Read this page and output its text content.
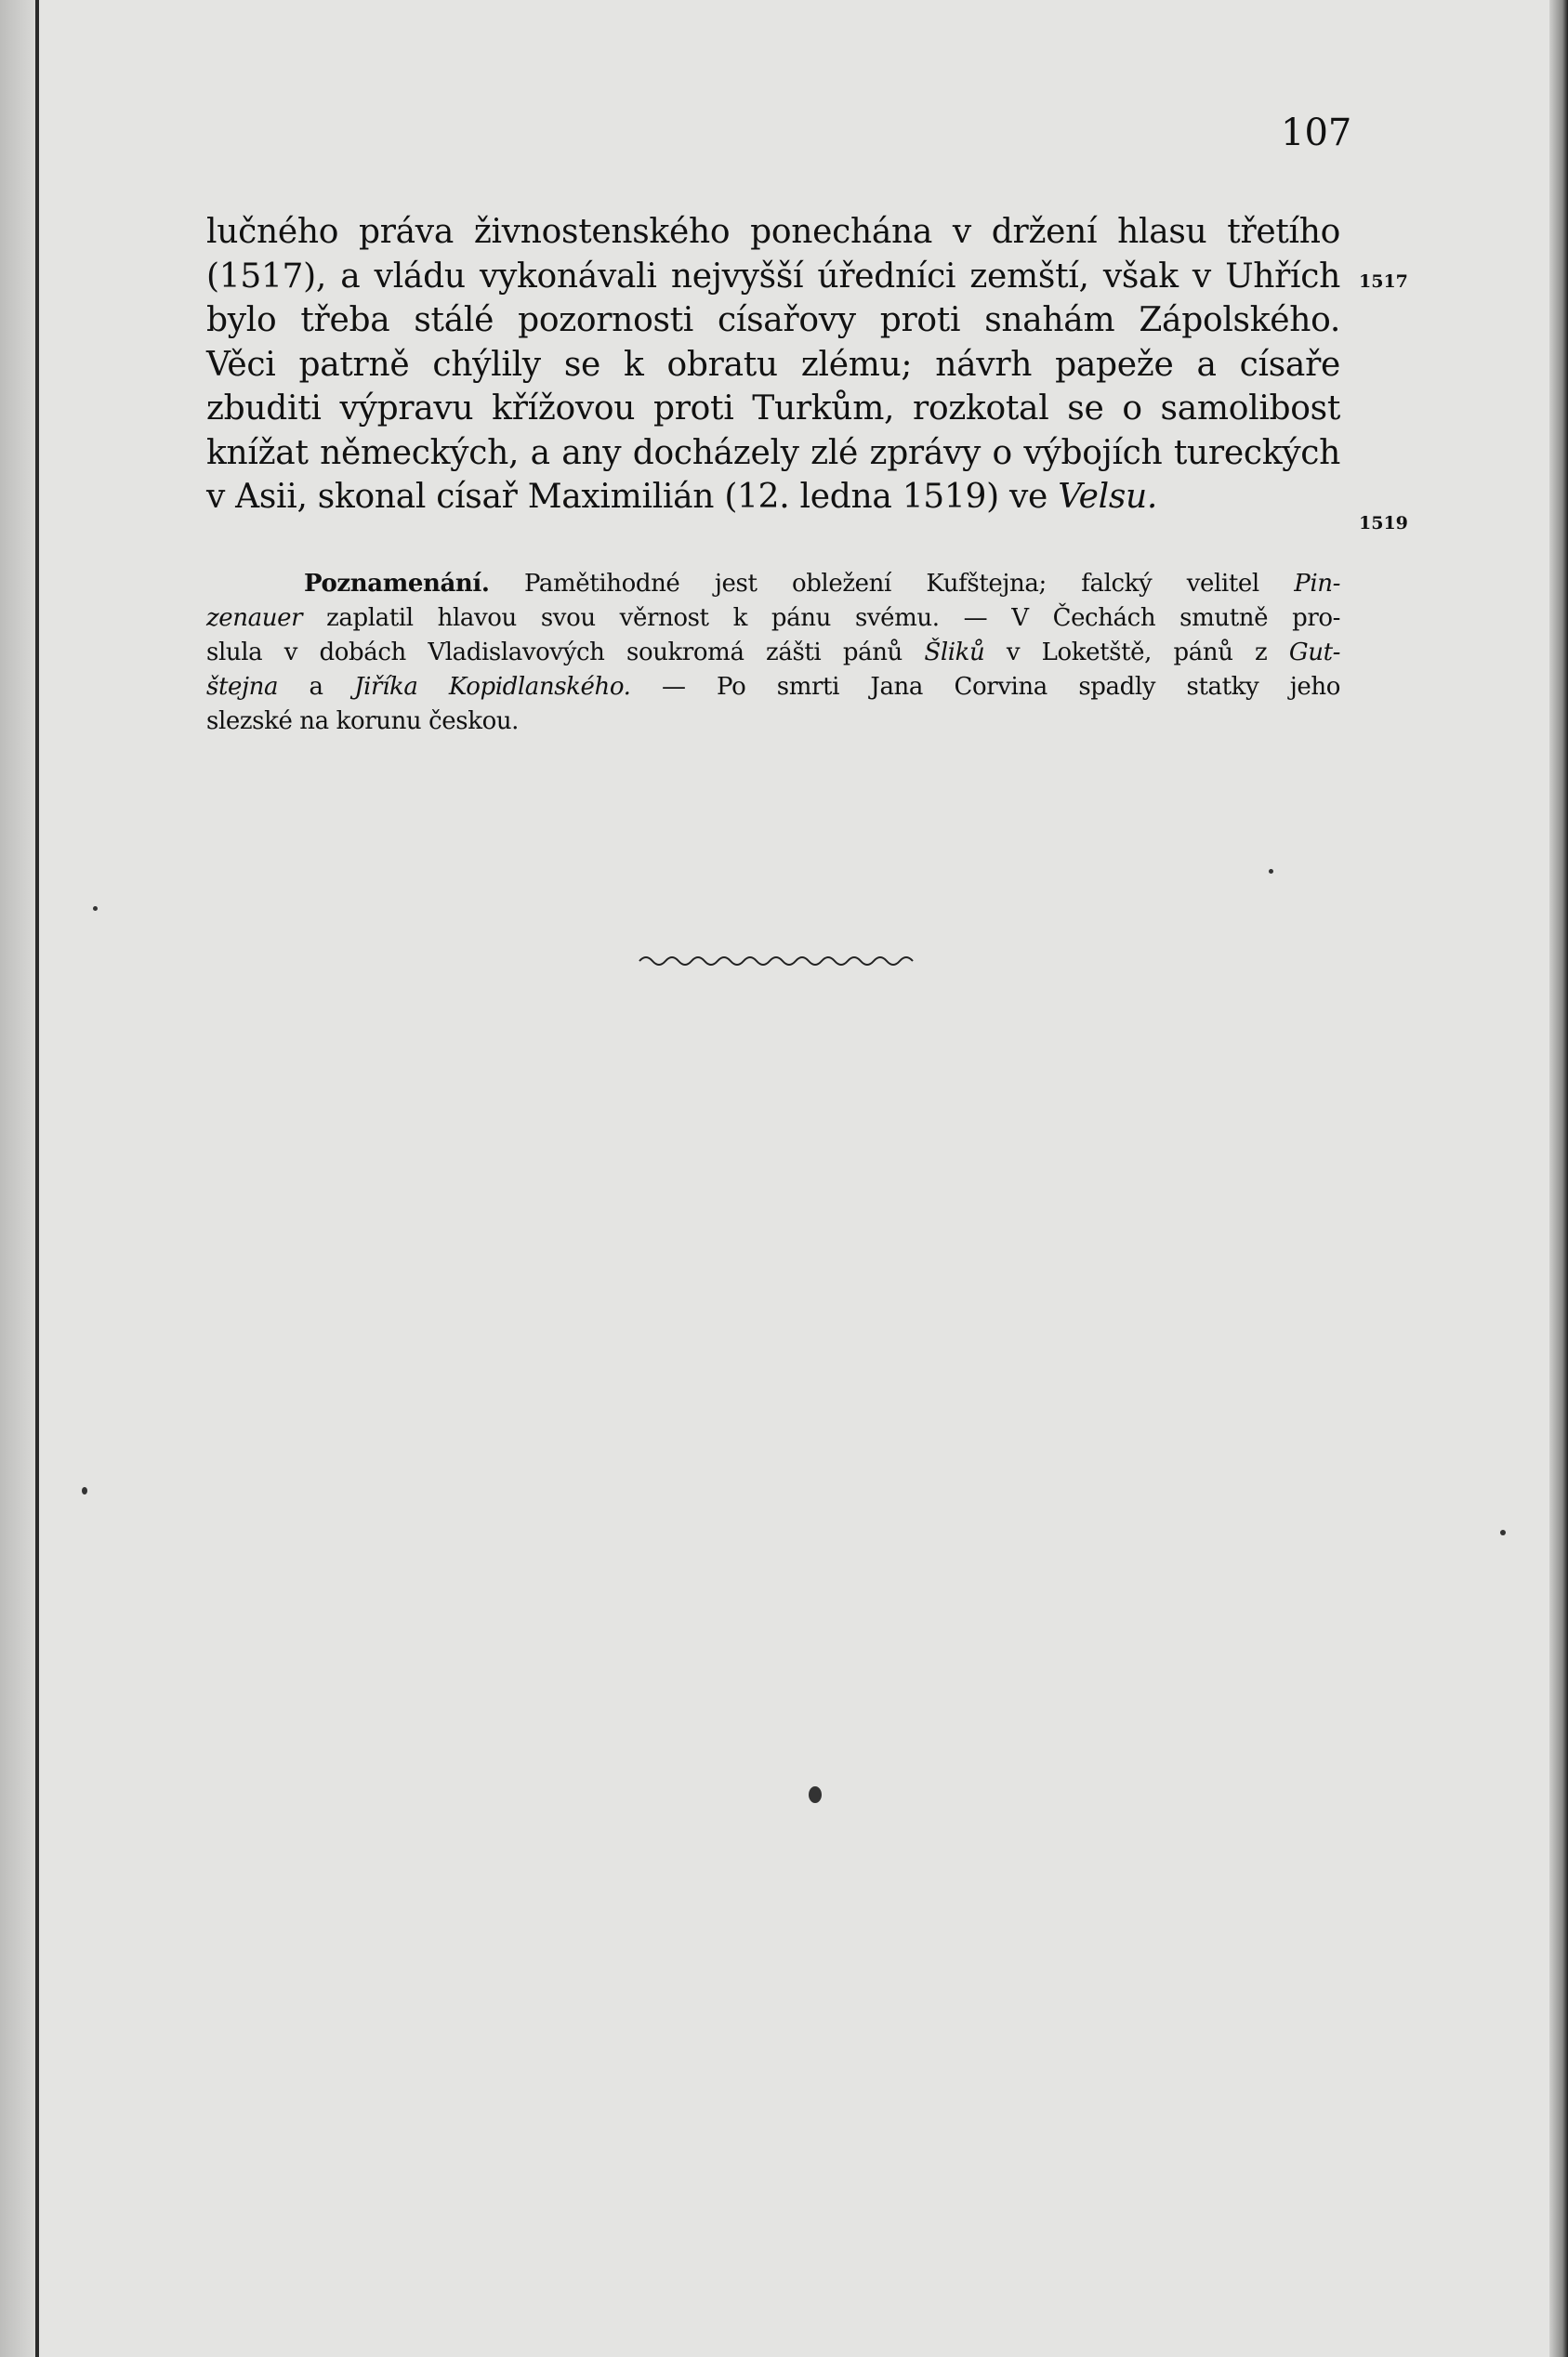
107
lučného práva živnostenského ponechána v držení hlasu třetího
(1517), a vládu vykonávali nejvyšší úředníci zemští, však v Uhřích
bylo třeba stálé pozornosti císařovy proti snahám Zápolského.
Věci patrně chýlily se k obratu zlému; návrh papeže a císaře
zbuditi výpravu křížovou proti Turkům, rozkotal se o samolibost
knížat německých, a any docházely zlé zprávy o výbojích tureckých
v Asii, skonal císař Maximilián (12. ledna 1519) ve Velsu.
1517
1519
Poznamenání. Pamětihodné jest obležení Kufštejna; falcký velitel Pin-
zenauer zaplatil hlavou svou věrnost k pánu svému. — V Čechách smutně pro-
slula v dobách Vladislavových soukromá zášti pánů Šliků v Loketště, pánů z Gut-
štejna a Jiříka Kopidlanského. — Po smrti Jana Corvina spadly statky jeho
slezské na korunu českou.
